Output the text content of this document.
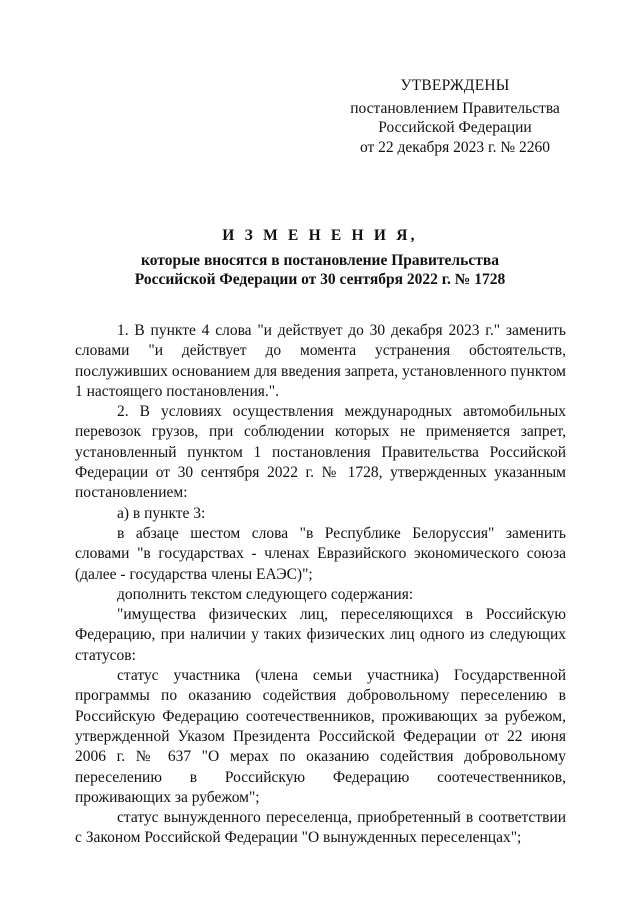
УТВЕРЖДЕНЫ
постановлением Правительства
Российской Федерации
от 22 декабря 2023 г. № 2260
И З М Е Н Е Н И Я,
которые вносятся в постановление Правительства
Российской Федерации от 30 сентября 2022 г. № 1728

1. В пункте 4 слова "и действует до 30 декабря 2023 г." заменить словами "и действует до момента устранения обстоятельств, послуживших основанием для введения запрета, установленного пунктом 1 настоящего постановления.".

2. В условиях осуществления международных автомобильных перевозок грузов, при соблюдении которых не применяется запрет, установленный пунктом 1 постановления Правительства Российской Федерации от 30 сентября 2022 г. № 1728, утвержденных указанным постановлением:

а) в пункте 3:

в абзаце шестом слова "в Республике Белоруссия" заменить словами "в государствах - членах Евразийского экономического союза (далее - государства члены ЕАЭС)";

дополнить текстом следующего содержания:

"имущества физических лиц, переселяющихся в Российскую Федерацию, при наличии у таких физических лиц одного из следующих статусов:

статус участника (члена семьи участника) Государственной программы по оказанию содействия добровольному переселению в Российскую Федерацию соотечественников, проживающих за рубежом, утвержденной Указом Президента Российской Федерации от 22 июня 2006 г. № 637 "О мерах по оказанию содействия добровольному переселению в Российскую Федерацию соотечественников, проживающих за рубежом";

статус вынужденного переселенца, приобретенный в соответствии с Законом Российской Федерации "О вынужденных переселенцах";
